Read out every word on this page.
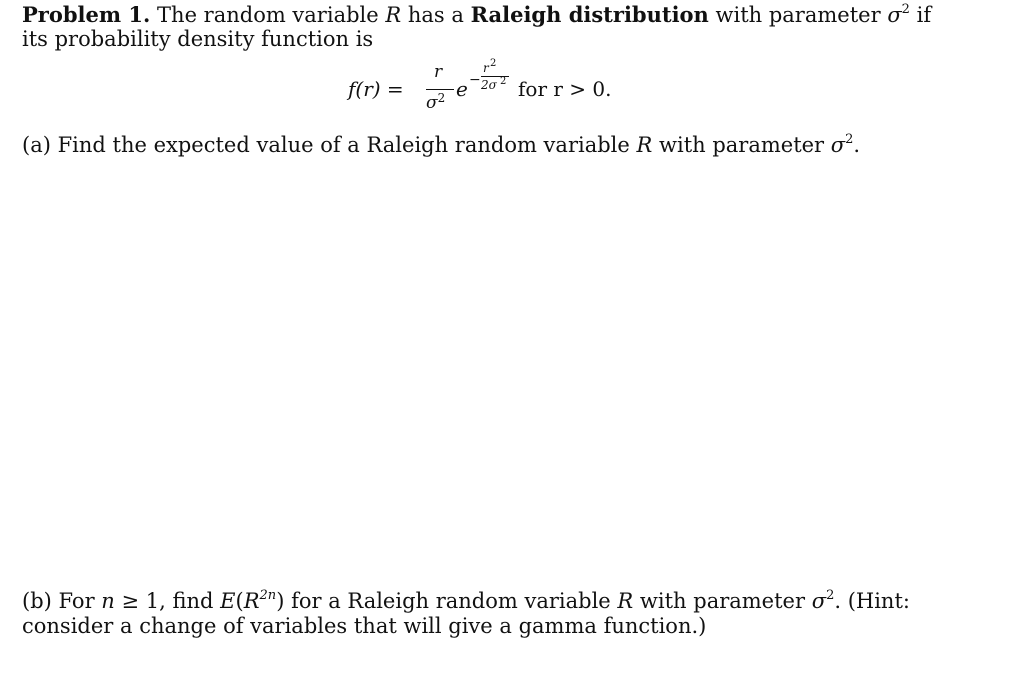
Problem 1. The random variable R has a Raleigh distribution with parameter $\sigma^2$ if
its probability density function is
f(r) =
r
$\sigma^2$ e −
r 2
2σ 2 for r > 0.
(a) Find the expected value of a Raleigh random variable R with parameter $\sigma^2$.
(b) For n ≥ 1, find $E(R^{2n})$ for a Raleigh random variable R with parameter $\sigma^2$. (Hint:
consider a change of variables that will give a gamma function.)
